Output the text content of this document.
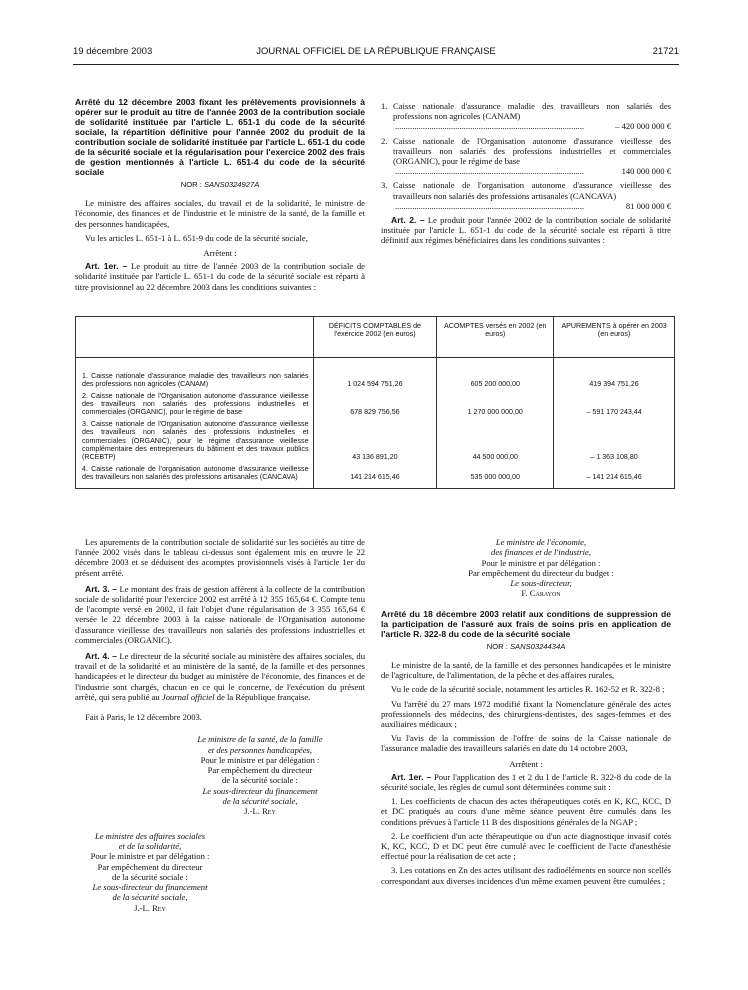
19 décembre 2003	JOURNAL OFFICIEL DE LA RÉPUBLIQUE FRANÇAISE	21721
Arrêté du 12 décembre 2003 fixant les prélèvements provisionnels à opérer sur le produit au titre de l'année 2003 de la contribution sociale de solidarité instituée par l'article L. 651-1 du code de la sécurité sociale, la répartition définitive pour l'année 2002 du produit de la contribution sociale de solidarité instituée par l'article L. 651-1 du code de la sécurité sociale et la régularisation pour l'exercice 2002 des frais de gestion mentionnés à l'article L. 651-4 du code de la sécurité sociale
NOR : SANS0324927A

Le ministre des affaires sociales, du travail et de la solidarité, le ministre de l'économie, des finances et de l'industrie et le ministre de la santé, de la famille et des personnes handicapées,

Vu les articles L. 651-1 à L. 651-9 du code de la sécurité sociale,

Arrêtent :

Art. 1er. – Le produit au titre de l'année 2003 de la contribution sociale de solidarité instituée par l'article L. 651-1 du code de la sécurité sociale est réparti à titre provisionnel au 22 décembre 2003 dans les conditions suivantes :

1. Caisse nationale d'assurance maladie des travailleurs non salariés des professions non agricoles (CANAM)
........................................................................................	– 420 000 000 €
2. Caisse nationale de l'Organisation autonome d'assurance vieillesse des travailleurs non salariés des professions industrielles et commerciales (ORGANIC), pour le régime de base
........................................................................................	140 000 000 €
3. Caisse nationale de l'organisation autonome d'assurance vieillesse des travailleurs non salariés des professions artisanales (CANCAVA)
........................................................................................	81 000 000 €

Art. 2. – Le produit pour l'année 2002 de la contribution sociale de solidarité instituée par l'article L. 651-1 du code de la sécurité sociale est réparti à titre définitif aux régimes bénéficiaires dans les conditions suivantes :

	DÉFICITS COMPTABLES de l'exercice 2002 (en euros)	ACOMPTES versés en 2002 (en euros)	APUREMENTS à opérer en 2003 (en euros)
1. Caisse nationale d'assurance maladie des travailleurs non salariés des professions non agricoles (CANAM)	1 024 594 751,26	605 200 000,00	419 394 751,26
2. Caisse nationale de l'Organisation autonome d'assurance vieillesse des travailleurs non salariés des professions industrielles et commerciales (ORGANIC), pour le régime de base	678 829 756,56	1 270 000 000,00	– 591 170 243,44
3. Caisse nationale de l'Organisation autonome d'assurance vieillesse des travailleurs non salariés des professions industrielles et commerciales (ORGANIC), pour le régime d'assurance vieillesse complémentaire des entrepreneurs du bâtiment et des travaux publics (RCEBTP)	43 136 891,20	44 500 000,00	– 1 363 108,80
4. Caisse nationale de l'organisation autonome d'assurance vieillesse des travailleurs non salariés des professions artisanales (CANCAVA)	141 214 615,46	535 000 000,00	– 141 214 615,46

Les apurements de la contribution sociale de solidarité sur les sociétés au titre de l'année 2002 visés dans le tableau ci-dessus sont également mis en œuvre le 22 décembre 2003 et se déduisent des acomptes provisionnels visés à l'article 1er du présent arrêté.

Art. 3. – Le montant des frais de gestion afférent à la collecte de la contribution sociale de solidarité pour l'exercice 2002 est arrêté à 12 355 165,64 €. Compte tenu de l'acompte versé en 2002, il fait l'objet d'une régularisation de 3 355 165,64 € versée le 22 décembre 2003 à la caisse nationale de l'Organisation autonome d'assurance vieillesse des travailleurs non salariés des professions industrielles et commerciales (ORGANIC).

Art. 4. – Le directeur de la sécurité sociale au ministère des affaires sociales, du travail et de la solidarité et au ministère de la santé, de la famille et des personnes handicapées et le directeur du budget au ministère de l'économie, des finances et de l'industrie sont chargés, chacun en ce qui le concerne, de l'exécution du présent arrêté, qui sera publié au Journal officiel de la République française.

Fait à Paris, le 12 décembre 2003.

Le ministre de la santé, de la famille
et des personnes handicapées,
Pour le ministre et par délégation :
Par empêchement du directeur
de la sécurité sociale :
Le sous-directeur du financement
de la sécurité sociale,
J.-L. Rey
Le ministre des affaires sociales
et de la solidarité,
Pour le ministre et par délégation :
Par empêchement du directeur
de la sécurité sociale :
Le sous-directeur du financement
de la sécurité sociale,
J.-L. Rey
Le ministre de l'économie,
des finances et de l'industrie,
Pour le ministre et par délégation :
Par empêchement du directeur du budget :
Le sous-directeur,
F. Carayon
Arrêté du 18 décembre 2003 relatif aux conditions de suppression de la participation de l'assuré aux frais de soins pris en application de l'article R. 322-8 du code de la sécurité sociale
NOR : SANS0324434A

Le ministre de la santé, de la famille et des personnes handicapées et le ministre de l'agriculture, de l'alimentation, de la pêche et des affaires rurales,

Vu le code de la sécurité sociale, notamment les articles R. 162-52 et R. 322-8 ;

Vu l'arrêté du 27 mars 1972 modifié fixant la Nomenclature générale des actes professionnels des médecins, des chirurgiens-dentistes, des sages-femmes et des auxiliaires médicaux ;

Vu l'avis de la commission de l'offre de soins de la Caisse nationale de l'assurance maladie des travailleurs salariés en date du 14 octobre 2003,

Arrêtent :

Art. 1er. – Pour l'application des 1 et 2 du I de l'article R. 322-8 du code de la sécurité sociale, les règles de cumul sont déterminées comme suit :

1. Les coefficients de chacun des actes thérapeutiques cotés en K, KC, KCC, D et DC pratiqués au cours d'une même séance peuvent être cumulés dans les conditions prévues à l'article 11 B des dispositions générales de la NGAP ;

2. Le coefficient d'un acte thérapeutique ou d'un acte diagnostique invasif cotés K, KC, KCC, D et DC peut être cumulé avec le coefficient de l'acte d'anesthésie effectué pour la réalisation de cet acte ;

3. Les cotations en Zn des actes utilisant des radioéléments en source non scellés correspondant aux diverses incidences d'un même examen peuvent être cumulées ;
